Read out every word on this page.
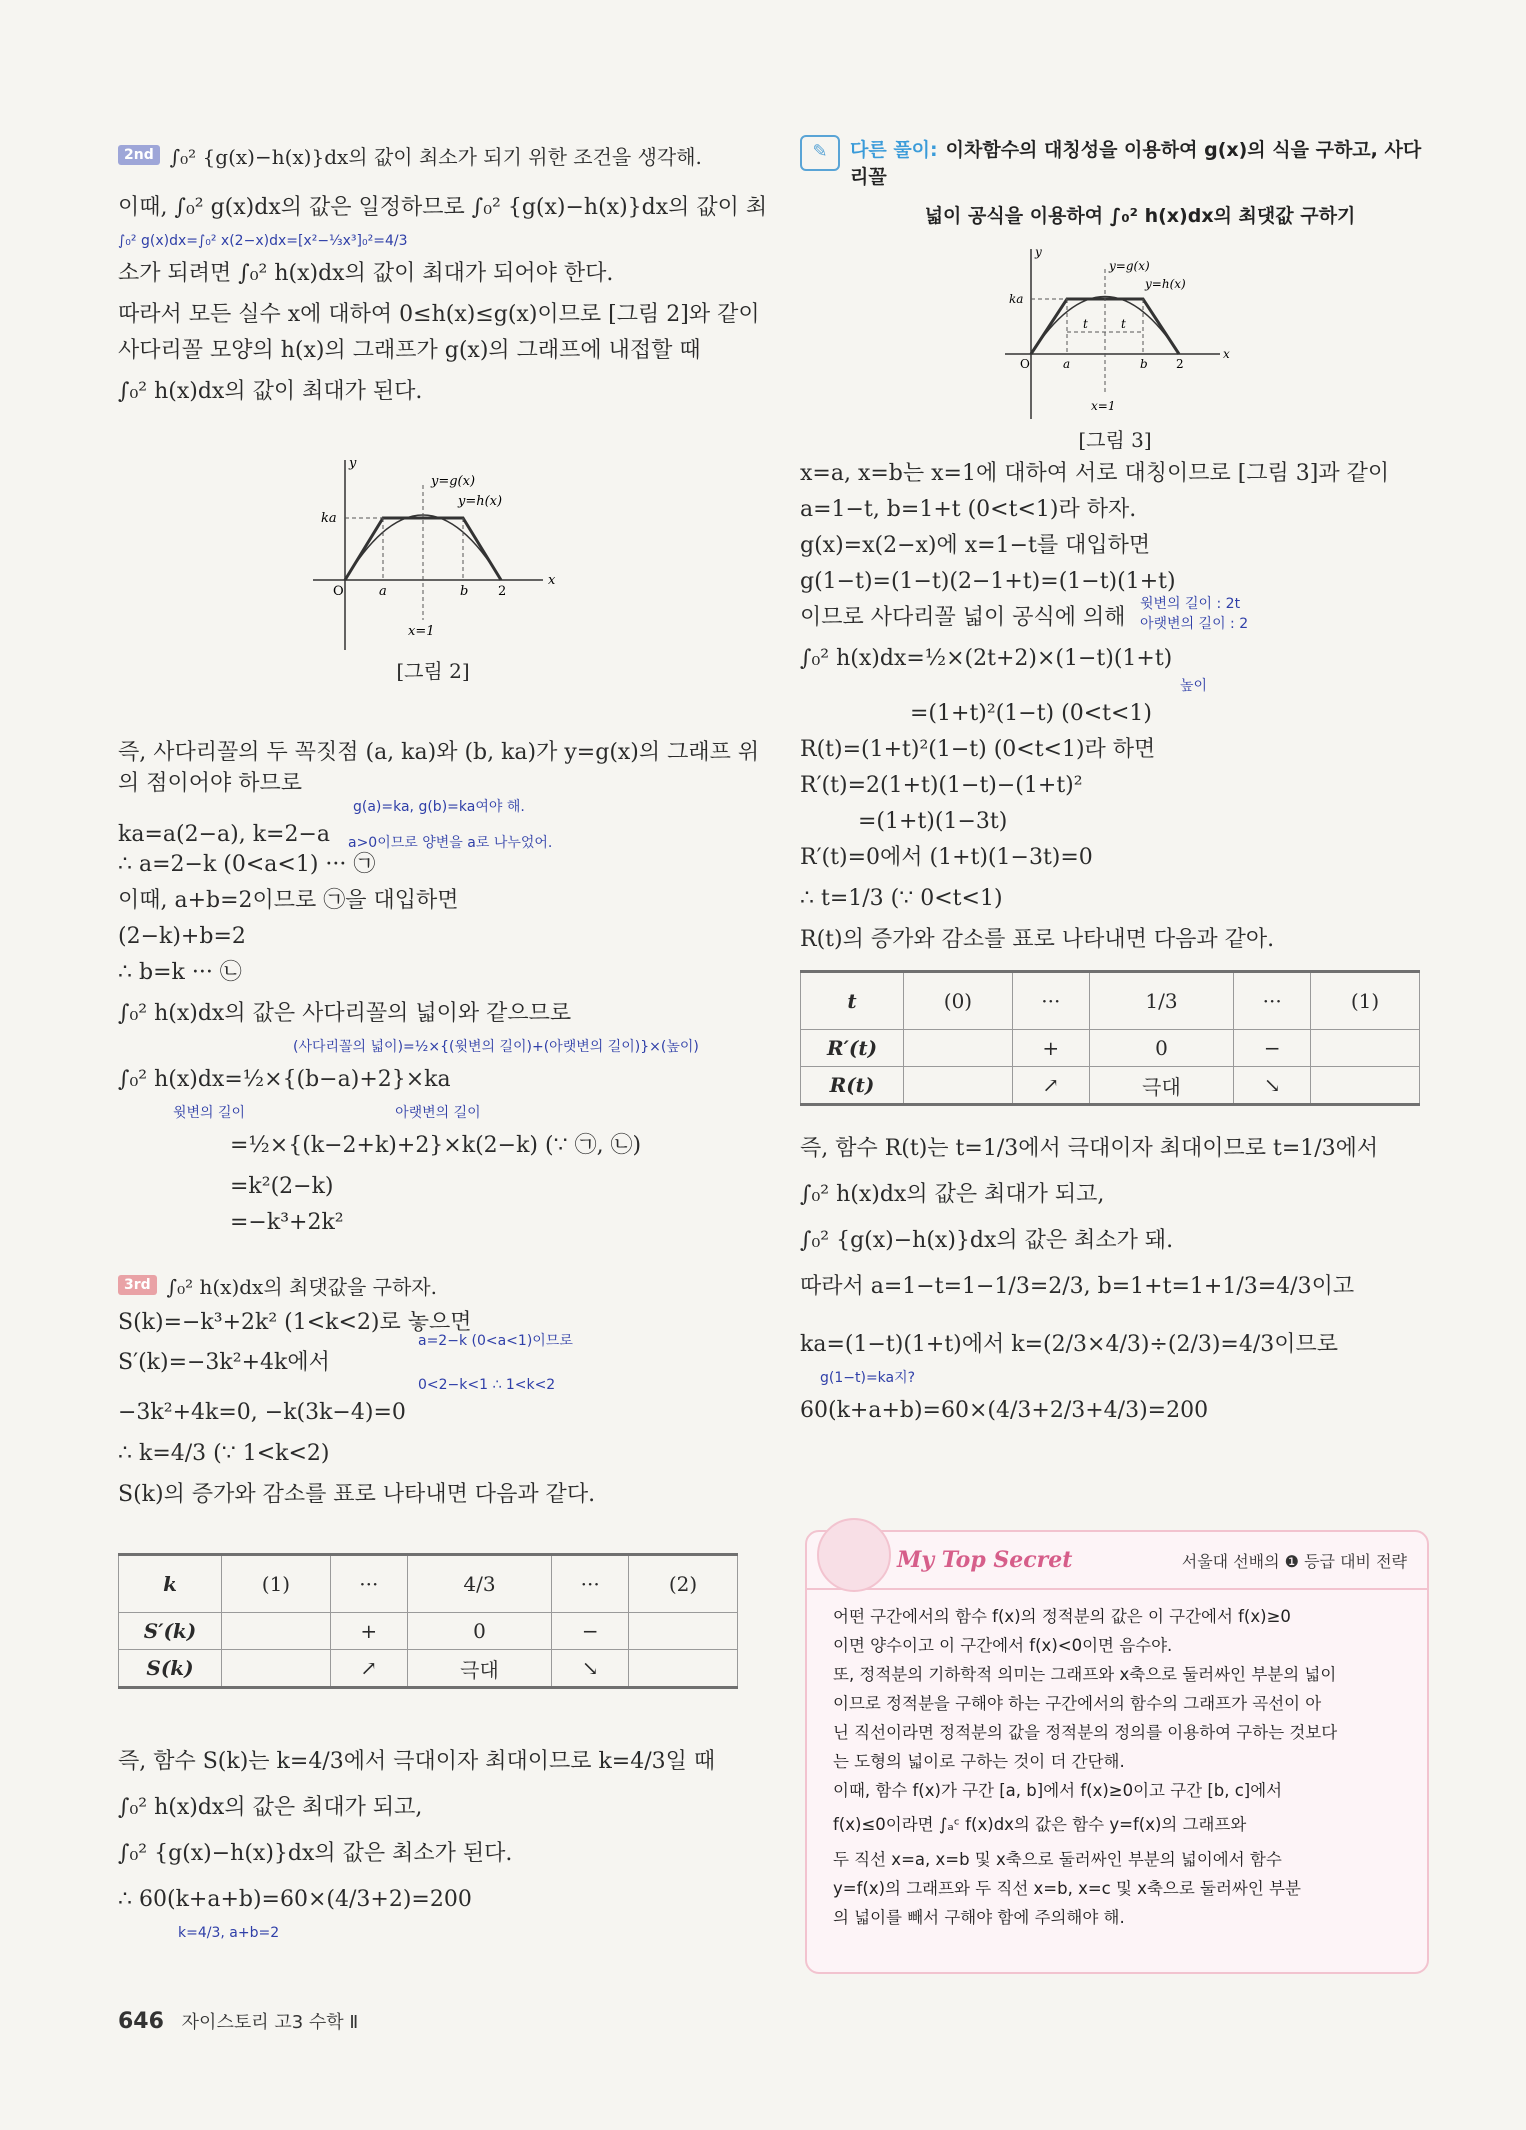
2nd ∫₀² {g(x)−h(x)}dx의 값이 최소가 되기 위한 조건을 생각해.
이때, ∫₀² g(x)dx의 값은 일정하므로 ∫₀² {g(x)−h(x)}dx의 값이 최
∫₀² g(x)dx=∫₀² x(2−x)dx=[x²−⅓x³]₀²=4/3
소가 되려면 ∫₀² h(x)dx의 값이 최대가 되어야 한다.
따라서 모든 실수 x에 대하여 0≤h(x)≤g(x)이므로 [그림 2]와 같이
사다리꼴 모양의 h(x)의 그래프가 g(x)의 그래프에 내접할 때
∫₀² h(x)dx의 값이 최대가 된다.
y
x
O
ka
a	b 2
y=g(x)
y=h(x)
x=1
[그림 2]
즉, 사다리꼴의 두 꼭짓점 (a, ka)와 (b, ka)가 y=g(x)의 그래프 위
의 점이어야 하므로
g(a)=ka, g(b)=ka여야 해.
ka=a(2−a), k=2−a	a>0이므로 양변을 a로 나누었어.
∴ a=2−k (0<a<1) ··· ㉠
이때, a+b=2이므로 ㉠을 대입하면
(2−k)+b=2
∴ b=k ··· ㉡
∫₀² h(x)dx의 값은 사다리꼴의 넓이와 같으므로
(사다리꼴의 넓이)=½×{(윗변의 길이)+(아랫변의 길이)}×(높이)
∫₀² h(x)dx=½×{(b−a)+2}×ka
윗변의 길이	아랫변의 길이
=½×{(k−2+k)+2}×k(2−k) (∵ ㉠, ㉡)
=k²(2−k)
=−k³+2k²
3rd ∫₀² h(x)dx의 최댓값을 구하자.
S(k)=−k³+2k² (1<k<2)로 놓으면
a=2−k (0<a<1)이므로
S′(k)=−3k²+4k에서
0<2−k<1 ∴ 1<k<2
−3k²+4k=0, −k(3k−4)=0
∴ k=4/3 (∵ 1<k<2)
S(k)의 증가와 감소를 표로 나타내면 다음과 같다.
k	(1)	···	4/3	···	(2)
S′(k)		+	0	−	
S(k)		↗	극대	↘	
즉, 함수 S(k)는 k=4/3에서 극대이자 최대이므로 k=4/3일 때
∫₀² h(x)dx의 값은 최대가 되고,
∫₀² {g(x)−h(x)}dx의 값은 최소가 된다.
∴ 60(k+a+b)=60×(4/3+2)=200
k=4/3, a+b=2
✎	다른 풀이: 이차함수의 대칭성을 이용하여 g(x)의 식을 구하고, 사다리꼴
넓이 공식을 이용하여 ∫₀² h(x)dx의 최댓값 구하기
y
x
O
ka
a	b 2
t	t
y=g(x)
y=h(x)
x=1
[그림 3]
x=a, x=b는 x=1에 대하여 서로 대칭이므로 [그림 3]과 같이
a=1−t, b=1+t (0<t<1)라 하자.
g(x)=x(2−x)에 x=1−t를 대입하면
g(1−t)=(1−t)(2−1+t)=(1−t)(1+t)
이므로 사다리꼴 넓이 공식에 의해
윗변의 길이 : 2t
아랫변의 길이 : 2
∫₀² h(x)dx=½×(2t+2)×(1−t)(1+t)
높이
=(1+t)²(1−t) (0<t<1)
R(t)=(1+t)²(1−t) (0<t<1)라 하면
R′(t)=2(1+t)(1−t)−(1+t)²
=(1+t)(1−3t)
R′(t)=0에서 (1+t)(1−3t)=0
∴ t=1/3 (∵ 0<t<1)
R(t)의 증가와 감소를 표로 나타내면 다음과 같아.
t	(0)	···	1/3	···	(1)
R′(t)		+	0	−	
R(t)		↗	극대	↘	
즉, 함수 R(t)는 t=1/3에서 극대이자 최대이므로 t=1/3에서
∫₀² h(x)dx의 값은 최대가 되고,
∫₀² {g(x)−h(x)}dx의 값은 최소가 돼.
따라서 a=1−t=1−1/3=2/3, b=1+t=1+1/3=4/3이고
ka=(1−t)(1+t)에서 k=(2/3×4/3)÷(2/3)=4/3이므로
g(1−t)=ka지?
60(k+a+b)=60×(4/3+2/3+4/3)=200
My Top Secret	서울대 선배의 ❶ 등급 대비 전략

어떤 구간에서의 함수 f(x)의 정적분의 값은 이 구간에서 f(x)≥0

이면 양수이고 이 구간에서 f(x)<0이면 음수야.

또, 정적분의 기하학적 의미는 그래프와 x축으로 둘러싸인 부분의 넓이

이므로 정적분을 구해야 하는 구간에서의 함수의 그래프가 곡선이 아

닌 직선이라면 정적분의 값을 정적분의 정의를 이용하여 구하는 것보다

는 도형의 넓이로 구하는 것이 더 간단해.

이때, 함수 f(x)가 구간 [a, b]에서 f(x)≥0이고 구간 [b, c]에서

f(x)≤0이라면 ∫ₐᶜ f(x)dx의 값은 함수 y=f(x)의 그래프와

두 직선 x=a, x=b 및 x축으로 둘러싸인 부분의 넓이에서 함수

y=f(x)의 그래프와 두 직선 x=b, x=c 및 x축으로 둘러싸인 부분

의 넓이를 빼서 구해야 함에 주의해야 해.

646 자이스토리 고3 수학 Ⅱ
